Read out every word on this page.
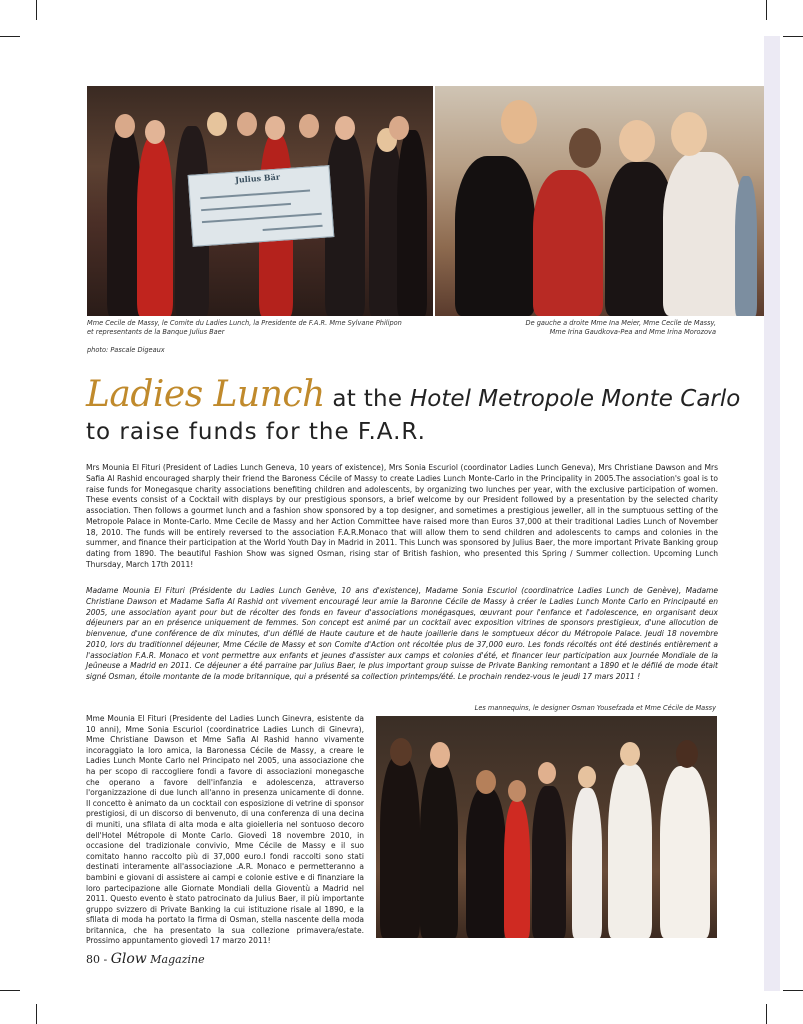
Julius Bär
Mme Cecile de Massy, le Comite du Ladies Lunch, la Presidente de F.A.R. Mme Sylvane Philipon
et representants de la Banque Julius Baer
photo: Pascale Digeaux
De gauche a droite Mme Ina Meier, Mme Cecile de Massy,
Mme Irina Gaudkova-Pea and Mme Irina Morozova
Les mannequins, le designer Osman Yousefzada et Mme Cécile de Massy
Ladies Lunch at the Hotel Metropole Monte Carlo
to raise funds for the F.A.R.
Mrs Mounia El Fituri (President of Ladies Lunch Geneva, 10 years of existence), Mrs Sonia Escuriol (coordinator Ladies Lunch Geneva), Mrs Christiane Dawson and Mrs Safia Al Rashid encouraged sharply their friend the Baroness Cécile of Massy to create Ladies Lunch Monte-Carlo in the Principality in 2005.The association's goal is to raise funds for Monegasque charity associations benefiting children and adolescents, by organizing two lunches per year, with the exclusive participation of women. These events consist of a Cocktail with displays by our prestigious sponsors, a brief welcome by our President followed by a presentation by the selected charity association. Then follows a gourmet lunch and a fashion show sponsored by a top designer, and sometimes a prestigious jeweller, all in the sumptuous setting of the Metropole Palace in Monte-Carlo. Mme Cecile de Massy and her Action Committee have raised more than Euros 37,000 at their traditional Ladies Lunch of November 18, 2010. The funds will be entirely reversed to the association F.A.R.Monaco that will allow them to send children and adolescents to camps and colonies in the summer, and finance their participation at the World Youth Day in Madrid in 2011. This Lunch was sponsored by Julius Baer, the more important Private Banking group dating from 1890. The beautiful Fashion Show was signed Osman, rising star of British fashion, who presented this Spring / Summer collection. Upcoming Lunch Thursday, March 17th 2011!
Madame Mounia El Fituri (Présidente du Ladies Lunch Genève, 10 ans d'existence), Madame Sonia Escuriol (coordinatrice Ladies Lunch de Genève), Madame Christiane Dawson et Madame Safia Al Rashid ont vivement encouragé leur amie la Baronne Cécile de Massy à créer le Ladies Lunch Monte Carlo en Principauté en 2005, une association ayant pour but de récolter des fonds en faveur d'associations monégasques, œuvrant pour l'enfance et l'adolescence, en organisant deux déjeuners par an en présence uniquement de femmes. Son concept est animé par un cocktail avec exposition vitrines de sponsors prestigieux, d'une allocution de bienvenue, d'une conférence de dix minutes, d'un défilé de Haute cauture et de haute joaillerie dans le somptueux décor du Métropole Palace. Jeudi 18 novembre 2010, lors du traditionnel déjeuner, Mme Cécile de Massy et son Comite d'Action ont récoltée plus de 37,000 euro. Les fonds récoltés ont été destinés entièrement a l'association F.A.R. Monaco et vont permettre aux enfants et jeunes d'assister aux camps et colonies d'été, et financer leur participation aux Journée Mondiale de la Jeûneuse a Madrid en 2011. Ce déjeuner a été parraine par Julius Baer, le plus important group suisse de Private Banking remontant a 1890 et le défilé de mode était signé Osman, étoile montante de la mode britannique, qui a présenté sa collection printemps/été. Le prochain rendez-vous le jeudi 17 mars 2011 !
Mme Mounia El Fituri (Presidente del Ladies Lunch Ginevra, esistente da 10 anni), Mme Sonia Escuriol (coordinatrice Ladies Lunch di Ginevra), Mme Christiane Dawson et Mme Safia Al Rashid hanno vivamente incoraggiato la loro amica, la Baronessa Cécile de Massy, a creare le Ladies Lunch Monte Carlo nel Principato nel 2005, una associazione che ha per scopo di raccogliere fondi a favore di associazioni monegasche che operano a favore dell'infanzia e adolescenza, attraverso l'organizzazione di due lunch all'anno in presenza unicamente di donne. Il concetto è animato da un cocktail con esposizione di vetrine di sponsor prestigiosi, di un discorso di benvenuto, di una conferenza di una decina di muniti, una sfilata di alta moda e alta gioielleria nel sontuoso decoro dell'Hotel Métropole di Monte Carlo. Giovedì 18 novembre 2010, in occasione del tradizionale convivio, Mme Cécile de Massy e il suo comitato hanno raccolto più di 37,000 euro.I fondi raccolti sono stati destinati interamente all'associazione .A.R. Monaco e permetteranno a bambini e giovani di assistere ai campi e colonie estive e di finanziare la loro partecipazione alle Giornate Mondiali della Gioventù a Madrid nel 2011. Questo evento è stato patrocinato da Julius Baer, il più importante gruppo svizzero di Private Banking la cui istituzione risale al 1890, e la sfilata di moda ha portato la firma di Osman, stella nascente della moda britannica, che ha presentato la sua collezione primavera/estate. Prossimo appuntamento giovedì 17 marzo 2011!
80 - Glow Magazine
